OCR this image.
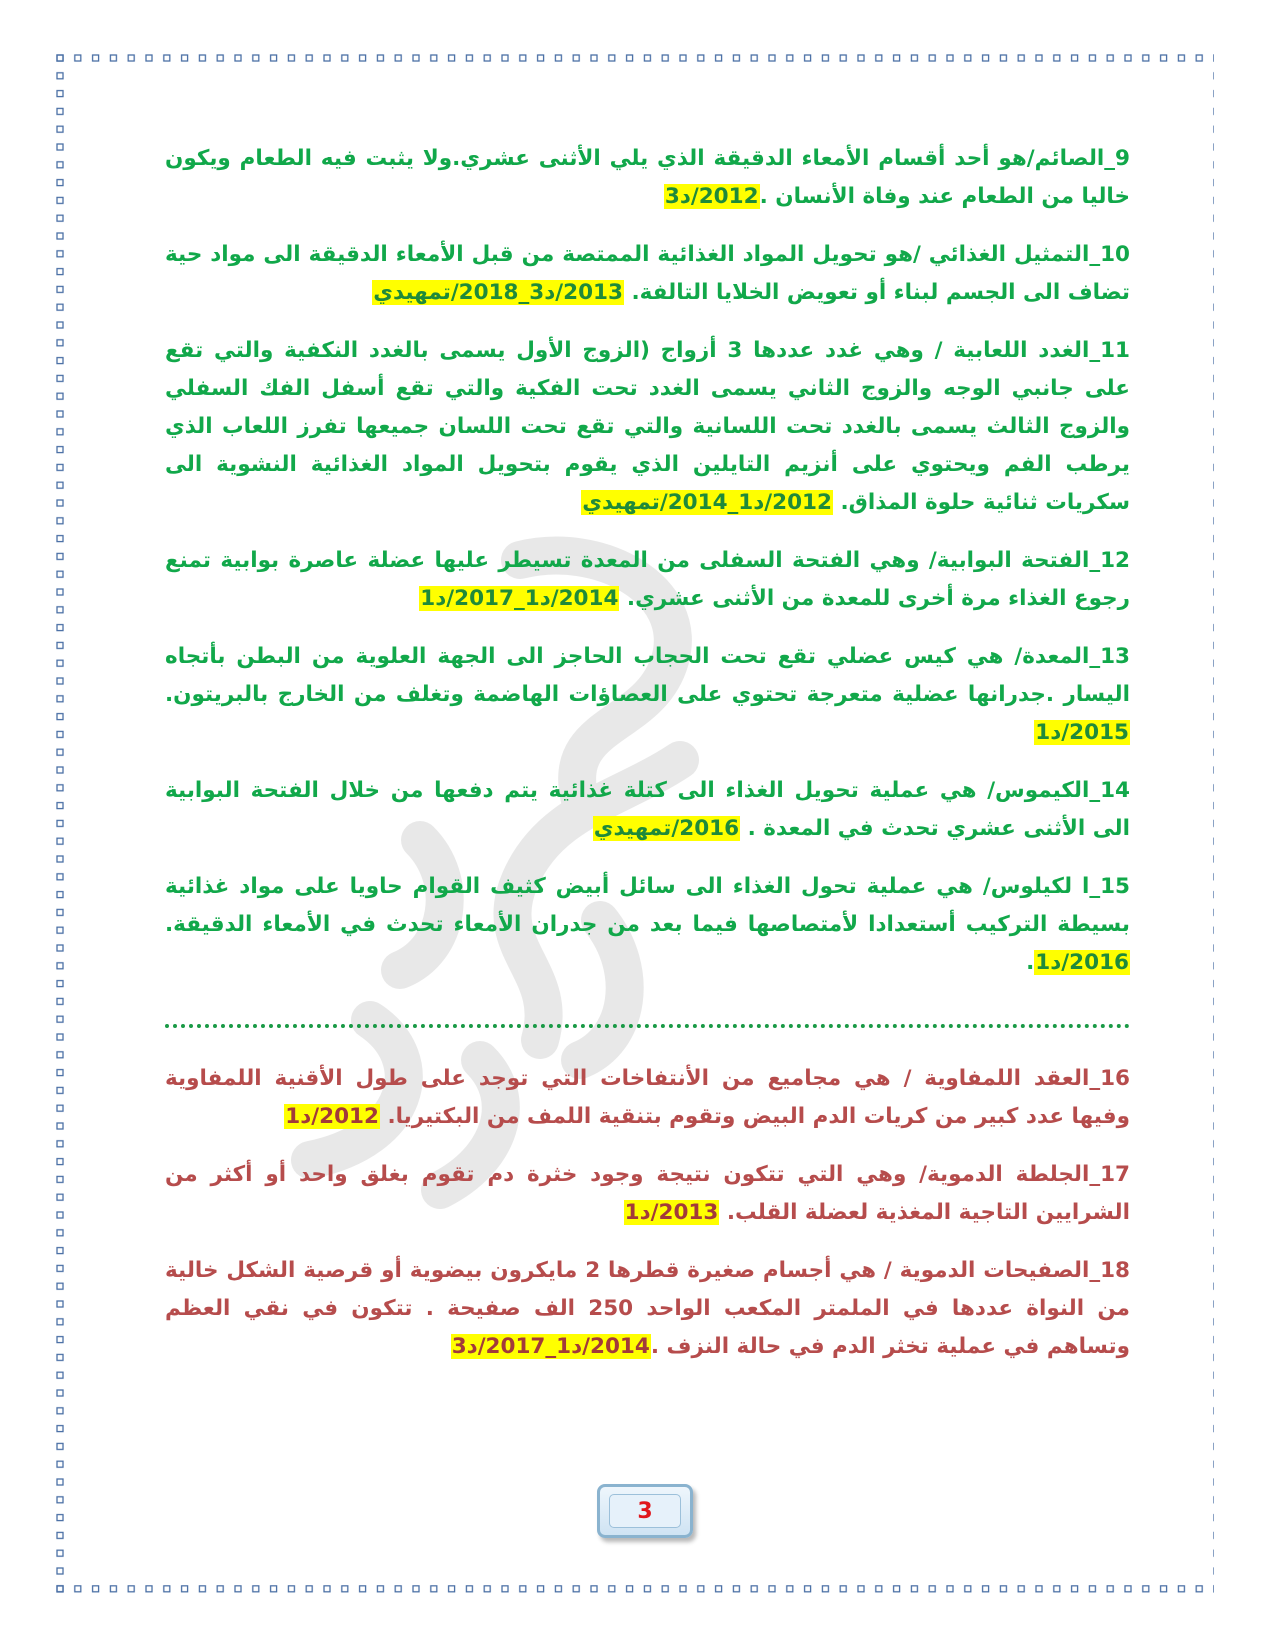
9_الصائم/هو أحد أقسام الأمعاء الدقيقة الذي يلي الأثنى عشري.ولا يثبت فيه الطعام ويكون خاليا من الطعام عند وفاة الأنسان .2012/د3

10_التمثيل الغذائي /هو تحويل المواد الغذائية الممتصة من قبل الأمعاء الدقيقة الى مواد حية تضاف الى الجسم لبناء أو تعويض الخلايا التالفة. 2013/د3_2018/تمهيدي

11_الغدد اللعابية / وهي غدد عددها 3 أزواج (الزوج الأول يسمى بالغدد النكفية والتي تقع على جانبي الوجه والزوج الثاني يسمى الغدد تحت الفكية والتي تقع أسفل الفك السفلي والزوج الثالث يسمى بالغدد تحت اللسانية والتي تقع تحت اللسان جميعها تفرز اللعاب الذي يرطب الفم ويحتوي على أنزيم التايلين الذي يقوم بتحويل المواد الغذائية النشوية الى سكريات ثنائية حلوة المذاق. 2012/د1_2014/تمهيدي

12_الفتحة البوابية/ وهي الفتحة السفلى من المعدة تسيطر عليها عضلة عاصرة بوابية تمنع رجوع الغذاء مرة أخرى للمعدة من الأثنى عشري. 2014/د1_2017/د1

13_المعدة/ هي كيس عضلي تقع تحت الحجاب الحاجز الى الجهة العلوية من البطن بأتجاه اليسار .جدرانها عضلية متعرجة تحتوي على العصاؤات الهاضمة وتغلف من الخارج بالبريتون. 2015/د1

14_الكيموس/ هي عملية تحويل الغذاء الى كتلة غذائية يتم دفعها من خلال الفتحة البوابية الى الأثنى عشري تحدث في المعدة . 2016/تمهيدي

15_ا لكيلوس/ هي عملية تحول الغذاء الى سائل أبيض كثيف القوام حاويا على مواد غذائية بسيطة التركيب أستعدادا لأمتصاصها فيما بعد من جدران الأمعاء تحدث في الأمعاء الدقيقة. 2016/د1.

16_العقد اللمفاوية / هي مجاميع من الأنتفاخات التي توجد على طول الأقنية اللمفاوية وفيها عدد كبير من كريات الدم البيض وتقوم بتنقية اللمف من البكتيريا. 2012/د1

17_الجلطة الدموية/ وهي التي تتكون نتيجة وجود خثرة دم تقوم بغلق واحد أو أكثر من الشرايين التاجية المغذية لعضلة القلب. 2013/د1

18_الصفيحات الدموية / هي أجسام صغيرة قطرها 2 مايكرون بيضوية أو قرصية الشكل خالية من النواة عددها في الملمتر المكعب الواحد 250 الف صفيحة . تتكون في نقي العظم وتساهم في عملية تخثر الدم في حالة النزف .2014/د1_2017/د3

3
